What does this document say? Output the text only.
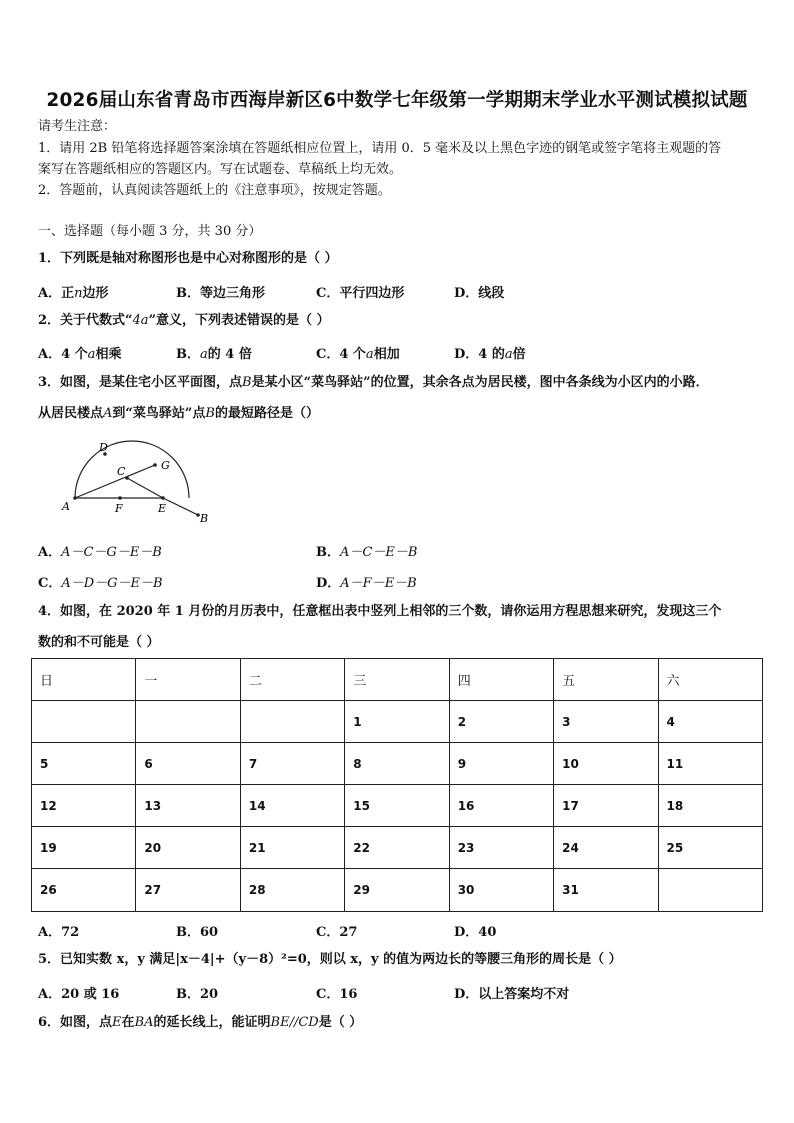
2026届山东省青岛市西海岸新区6中数学七年级第一学期期末学业水平测试模拟试题
请考生注意：
1．请用 2B 铅笔将选择题答案涂填在答题纸相应位置上，请用 0．5 毫米及以上黑色字迹的钢笔或签字笔将主观题的答
案写在答题纸相应的答题区内。写在试题卷、草稿纸上均无效。
2．答题前，认真阅读答题纸上的《注意事项》，按规定答题。
一、选择题（每小题 3 分，共 30 分）
1．下列既是轴对称图形也是中心对称图形的是（ ）
A．正n边形	B．等边三角形	C．平行四边形	D．线段
2．关于代数式“4a”意义，下列表述错误的是（ ）
A．4 个a相乘	B．a的 4 倍	C．4 个a相加	D．4 的a倍
3．如图，是某住宅小区平面图，点B是某小区“菜鸟驿站”的位置，其余各点为居民楼，图中各条线为小区内的小路．
从居民楼点A到“菜鸟驿站”点B的最短路径是（）
A
D
C	G
F	E
B
A．A－C－G－E－B	B．A－C－E－B
C．A－D－G－E－B	D．A－F－E－B
4．如图，在 2020 年 1 月份的月历表中，任意框出表中竖列上相邻的三个数，请你运用方程思想来研究，发现这三个
数的和不可能是（ ）
日	一	二	三	四	五	六
			1	2	3	4
5	6	7	8	9	10	11
12	13	14	15	16	17	18
19	20	21	22	23	24	25
26	27	28	29	30	31	
A．72	B．60	C．27	D．40
5．已知实数 x，y 满足|x－4|+（y－8）²=0，则以 x，y 的值为两边长的等腰三角形的周长是（ ）
A．20 或 16	B．20	C．16	D．以上答案均不对
6．如图，点E在BA的延长线上，能证明BE//CD是（ ）
